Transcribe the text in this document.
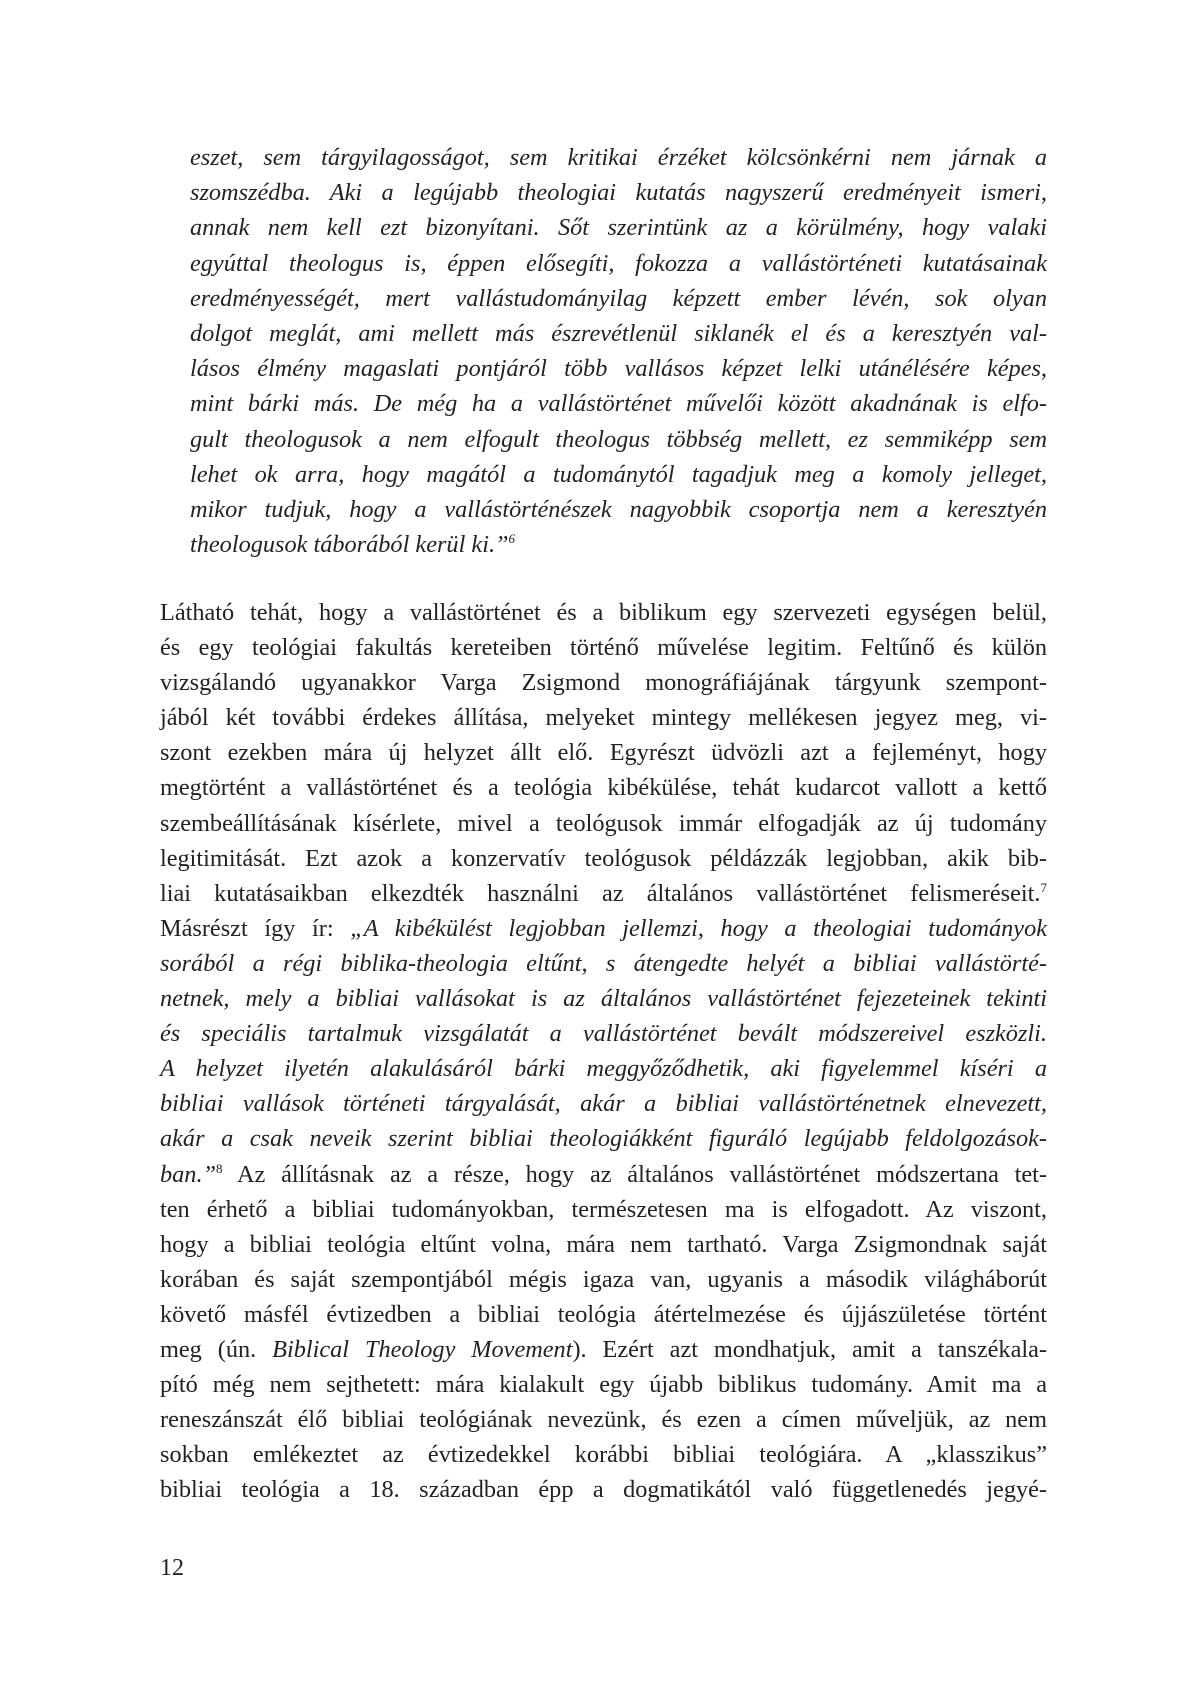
eszet, sem tárgyilagosságot, sem kritikai érzéket kölcsönkérni nem járnak a
szomszédba. Aki a legújabb theologiai kutatás nagyszerű eredményeit ismeri,
annak nem kell ezt bizonyítani. Sőt szerintünk az a körülmény, hogy valaki
egyúttal theologus is, éppen elősegíti, fokozza a vallástörténeti kutatásainak
eredményességét, mert vallástudományilag képzett ember lévén, sok olyan
dolgot meglát, ami mellett más észrevétlenül siklanék el és a keresztyén val-
lásos élmény magaslati pontjáról több vallásos képzet lelki utánélésére képes,
mint bárki más. De még ha a vallástörténet művelői között akadnának is elfo-
gult theologusok a nem elfogult theologus többség mellett, ez semmiképp sem
lehet ok arra, hogy magától a tudománytól tagadjuk meg a komoly jelleget,
mikor tudjuk, hogy a vallástörténészek nagyobbik csoportja nem a keresztyén
theologusok táborából kerül ki.”$^6$
Látható tehát, hogy a vallástörténet és a biblikum egy szervezeti egységen belül,
és egy teológiai fakultás kereteiben történő művelése legitim. Feltűnő és külön
vizsgálandó ugyanakkor Varga Zsigmond monográfiájának tárgyunk szempont-
jából két további érdekes állítása, melyeket mintegy mellékesen jegyez meg, vi-
szont ezekben mára új helyzet állt elő. Egyrészt üdvözli azt a fejleményt, hogy
megtörtént a vallástörténet és a teológia kibékülése, tehát kudarcot vallott a kettő
szembeállításának kísérlete, mivel a teológusok immár elfogadják az új tudomány
legitimitását. Ezt azok a konzervatív teológusok példázzák legjobban, akik bib-
liai kutatásaikban elkezdték használni az általános vallástörténet felismeréseit.$^7$
Másrészt így ír: „A kibékülést legjobban jellemzi, hogy a theologiai tudományok
sorából a régi biblika-theologia eltűnt, s átengedte helyét a bibliai vallástörté-
netnek, mely a bibliai vallásokat is az általános vallástörténet fejezeteinek tekinti
és speciális tartalmuk vizsgálatát a vallástörténet bevált módszereivel eszközli.
A helyzet ilyetén alakulásáról bárki meggyőződhetik, aki figyelemmel kíséri a
bibliai vallások történeti tárgyalását, akár a bibliai vallástörténetnek elnevezett,
akár a csak neveik szerint bibliai theologiákként figuráló legújabb feldolgozások-
ban.”$^8$ Az állításnak az a része, hogy az általános vallástörténet módszertana tet-
ten érhető a bibliai tudományokban, természetesen ma is elfogadott. Az viszont,
hogy a bibliai teológia eltűnt volna, mára nem tartható. Varga Zsigmondnak saját
korában és saját szempontjából mégis igaza van, ugyanis a második világháborút
követő másfél évtizedben a bibliai teológia átértelmezése és újjászületése történt
meg (ún. Biblical Theology Movement). Ezért azt mondhatjuk, amit a tanszékala-
pító még nem sejthetett: mára kialakult egy újabb biblikus tudomány. Amit ma a
reneszánszát élő bibliai teológiának nevezünk, és ezen a címen műveljük, az nem
sokban emlékeztet az évtizedekkel korábbi bibliai teológiára. A „klasszikus”
bibliai teológia a 18. században épp a dogmatikától való függetlenedés jegyé-
12
